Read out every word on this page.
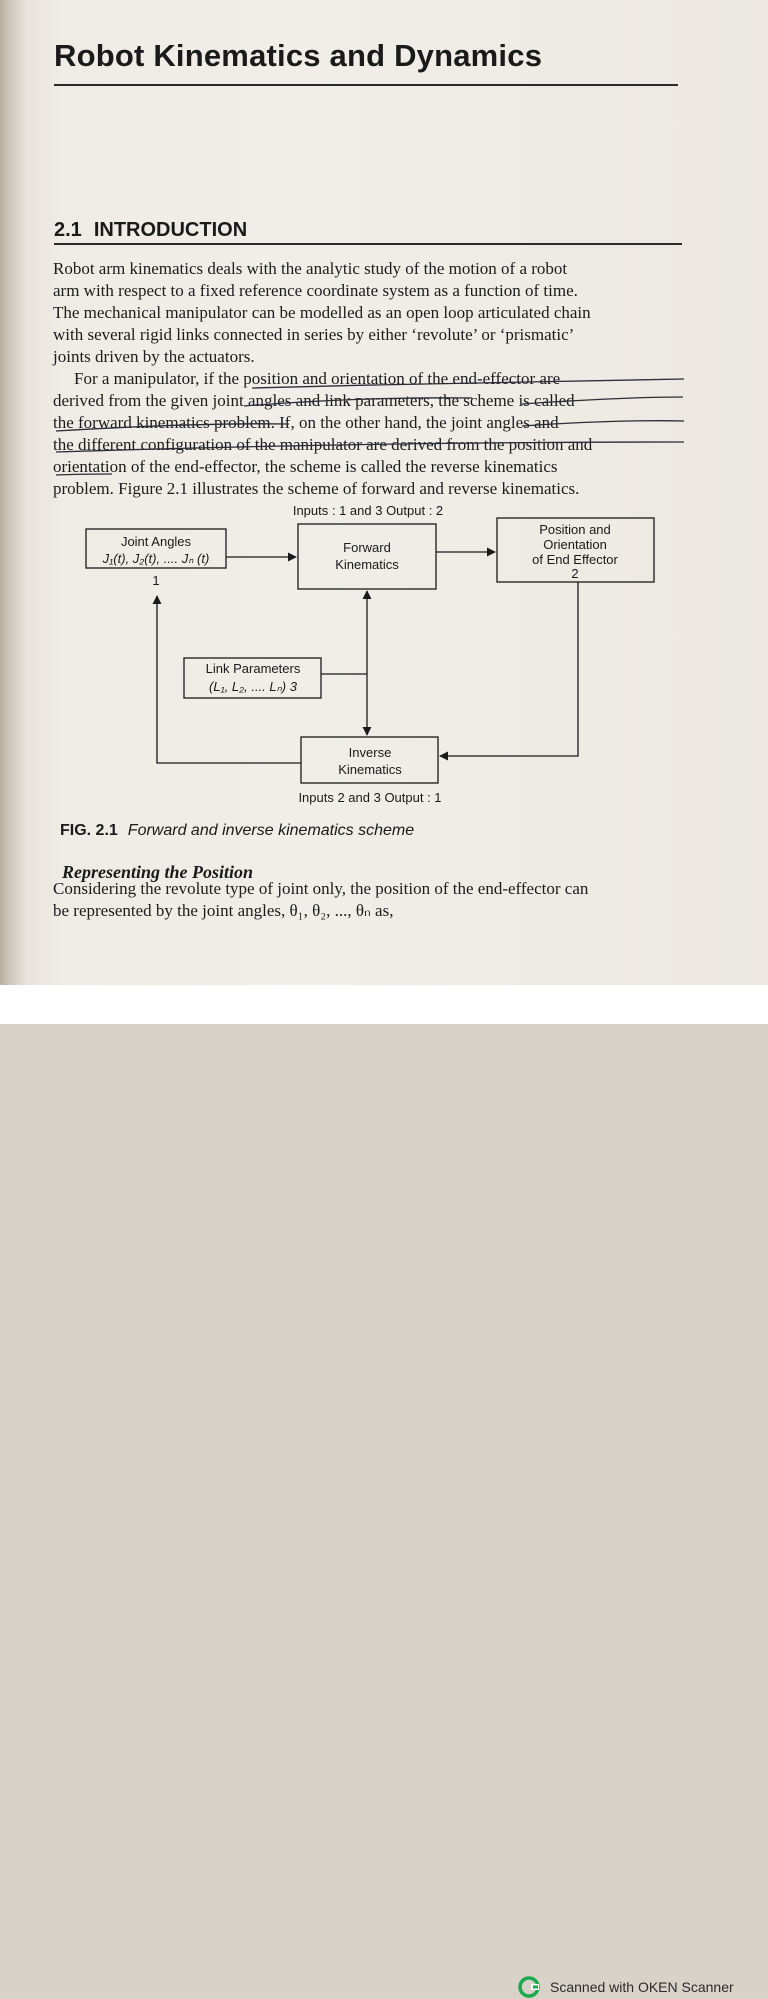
Robot Kinematics and Dynamics
2.1 INTRODUCTION
Robot arm kinematics deals with the analytic study of the motion of a robot
arm with respect to a fixed reference coordinate system as a function of time.
The mechanical manipulator can be modelled as an open loop articulated chain
with several rigid links connected in series by either ‘revolute’ or ‘prismatic’
joints driven by the actuators.
For a manipulator, if the position and orientation of the end-effector are
derived from the given joint angles and link parameters, the scheme is called
the forward kinematics problem. If, on the other hand, the joint angles and
the different configuration of the manipulator are derived from the position and
orientation of the end-effector, the scheme is called the reverse kinematics
problem. Figure 2.1 illustrates the scheme of forward and reverse kinematics.
Inputs : 1 and 3 Output : 2
Joint Angles
J₁(t), J₂(t), .... Jₙ (t)
1
Forward
Kinematics
Position and
Orientation
of End Effector
2
Link Parameters
(L₁, L₂, .... Lₙ) 3
Inverse
Kinematics
Inputs 2 and 3 Output : 1

FIG. 2.1 Forward and inverse kinematics scheme

Representing the Position
Considering the revolute type of joint only, the position of the end-effector can
be represented by the joint angles, θ₁, θ₂, ..., θₙ as,
Scanned with OKEN Scanner
